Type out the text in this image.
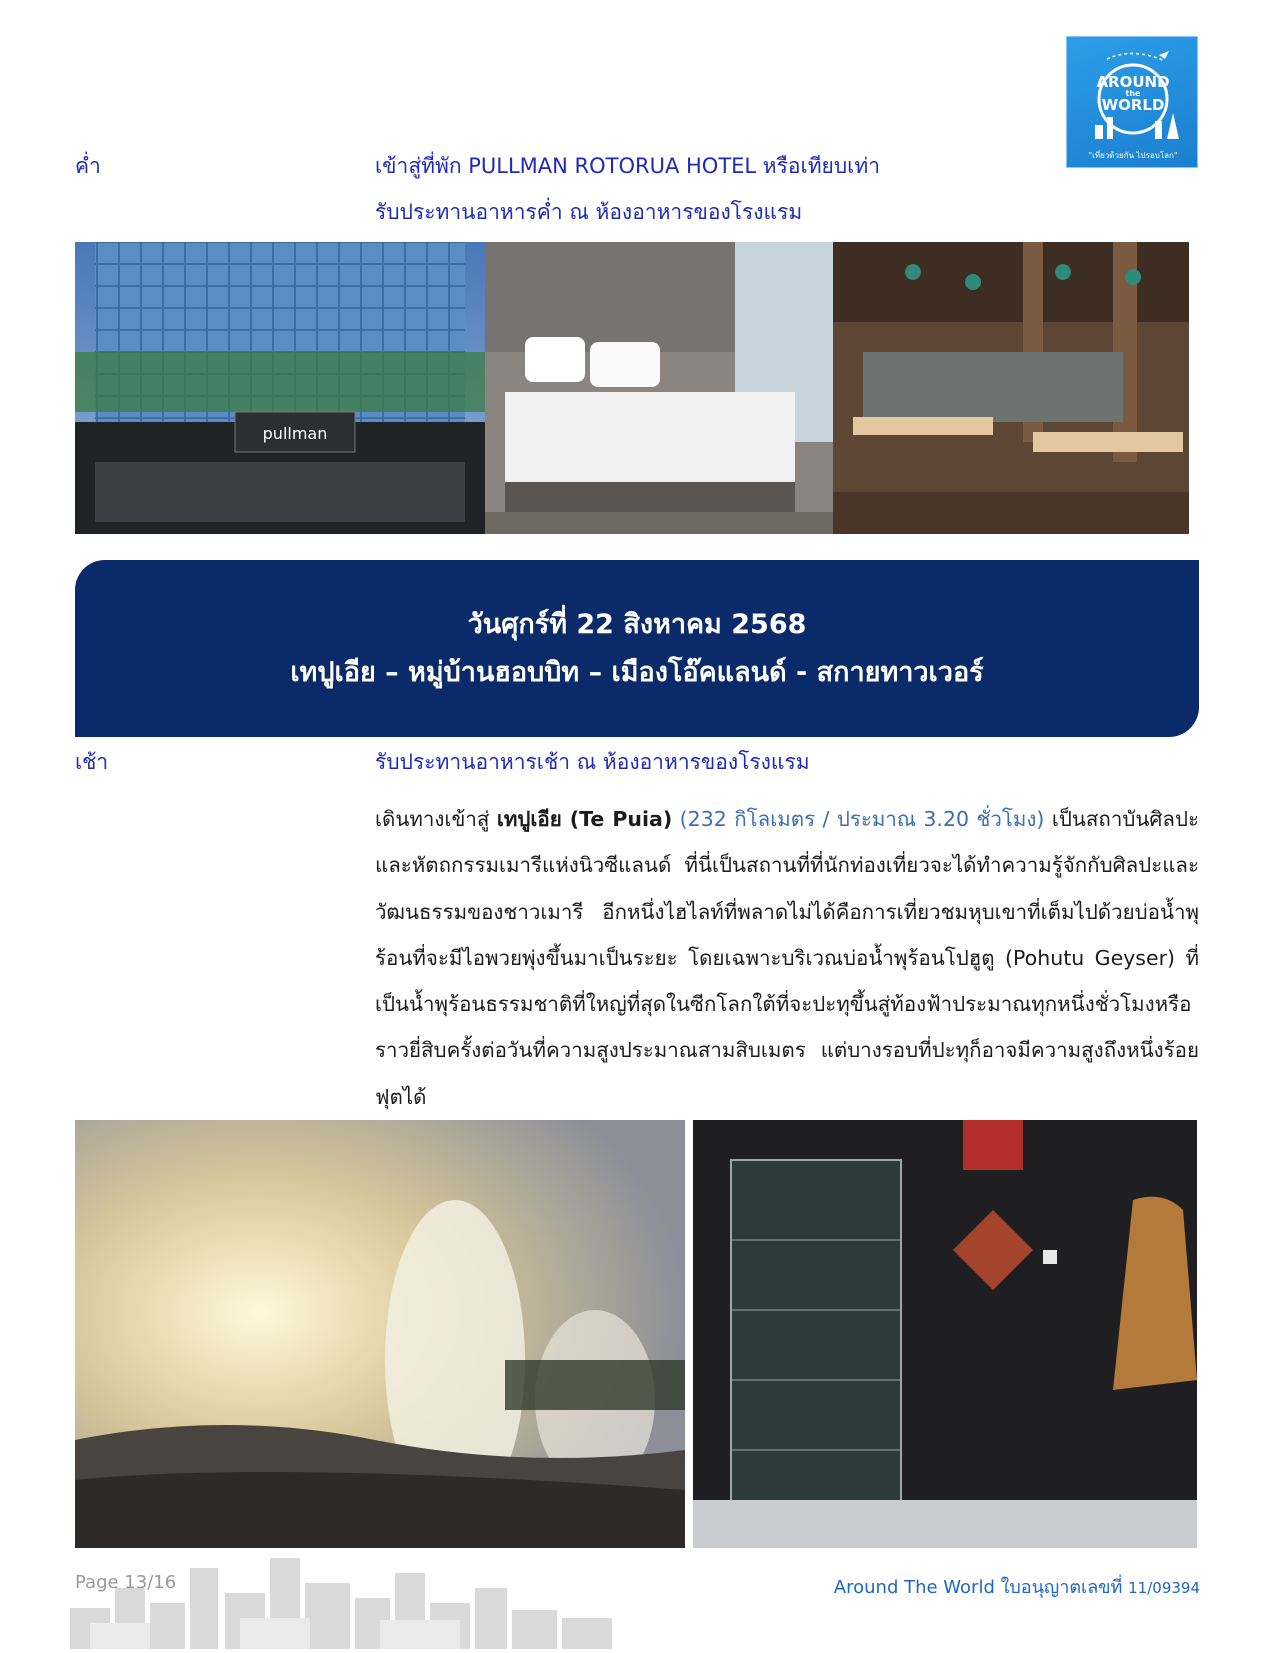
AROUND
the
WORLD
"เที่ยวด้วยกัน ไปรอบโลก"
ค่ำ	เข้าสู่ที่พัก PULLMAN ROTORUA HOTEL หรือเทียบเท่า
รับประทานอาหารค่ำ ณ ห้องอาหารของโรงแรม
pullman
วันศุกร์ที่ 22 สิงหาคม 2568
เทปูเอีย – หมู่บ้านฮอบบิท – เมืองโอ๊คแลนด์ - สกายทาวเวอร์
เช้า	รับประทานอาหารเช้า ณ ห้องอาหารของโรงแรม
เดินทางเข้าสู่ เทปูเอีย (Te Puia) (232 กิโลเมตร / ประมาณ 3.20 ชั่วโมง) เป็นสถาบันศิลปะและหัตถกรรมเมารีแห่งนิวซีแลนด์ ที่นี่เป็นสถานที่ที่นักท่องเที่ยวจะได้ทำความรู้จักกับศิลปะและวัฒนธรรมของชาวเมารี อีกหนึ่งไฮไลท์ที่พลาดไม่ได้คือการเที่ยวชมหุบเขาที่เต็มไปด้วยบ่อน้ำพุร้อนที่จะมีไอพวยพุ่งขึ้นมาเป็นระยะ โดยเฉพาะบริเวณบ่อน้ำพุร้อนโปฮูตู (Pohutu Geyser) ที่เป็นน้ำพุร้อนธรรมชาติที่ใหญ่ที่สุดในซีกโลกใต้ที่จะปะทุขึ้นสู่ท้องฟ้าประมาณทุกหนึ่งชั่วโมงหรือราวยี่สิบครั้งต่อวันที่ความสูงประมาณสามสิบเมตร แต่บางรอบที่ปะทุก็อาจมีความสูงถึงหนึ่งร้อยฟุตได้
Page 13/16	Around The World ใบอนุญาตเลขที่ 11/09394
